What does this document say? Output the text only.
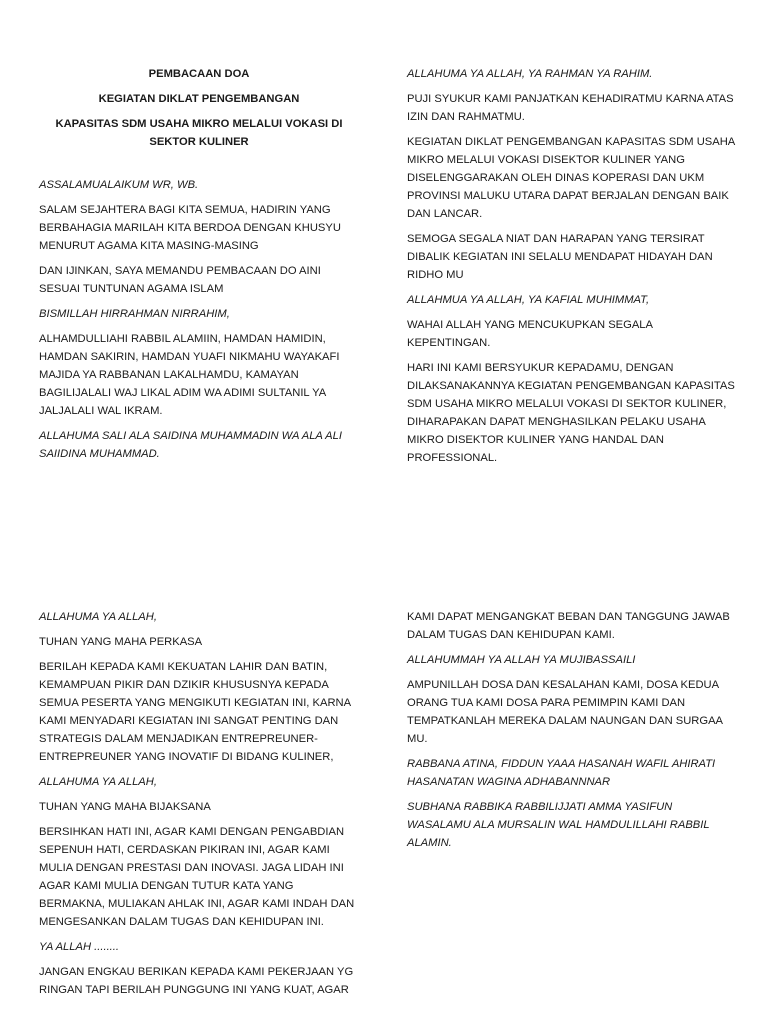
PEMBACAAN DOA

KEGIATAN DIKLAT PENGEMBANGAN

KAPASITAS SDM USAHA MIKRO MELALUI VOKASI DI SEKTOR KULINER

ASSALAMUALAIKUM WR, WB.

SALAM SEJAHTERA BAGI KITA SEMUA, HADIRIN YANG BERBAHAGIA MARILAH KITA BERDOA DENGAN KHUSYU MENURUT AGAMA KITA MASING-MASING

DAN IJINKAN, SAYA MEMANDU PEMBACAAN DO AINI SESUAI TUNTUNAN AGAMA ISLAM

BISMILLAH HIRRAHMAN NIRRAHIM,

ALHAMDULLIAHI RABBIL ALAMIIN, HAMDAN HAMIDIN, HAMDAN SAKIRIN, HAMDAN YUAFI NIKMAHU WAYAKAFI MAJIDA YA RABBANAN LAKALHAMDU, KAMAYAN BAGILIJALALI WAJ LIKAL ADIM WA ADIMI SULTANIL YA JALJALALI WAL IKRAM.

ALLAHUMA SALI ALA SAIDINA MUHAMMADIN WA ALA ALI SAIIDINA MUHAMMAD.

ALLAHUMA YA ALLAH, YA RAHMAN YA RAHIM.

PUJI SYUKUR KAMI PANJATKAN KEHADIRATMU KARNA ATAS IZIN DAN RAHMATMU.

KEGIATAN DIKLAT PENGEMBANGAN KAPASITAS SDM USAHA MIKRO MELALUI VOKASI DISEKTOR KULINER YANG DISELENGGARAKAN OLEH DINAS KOPERASI DAN UKM PROVINSI MALUKU UTARA DAPAT BERJALAN DENGAN BAIK DAN LANCAR.

SEMOGA SEGALA NIAT DAN HARAPAN YANG TERSIRAT DIBALIK KEGIATAN INI SELALU MENDAPAT HIDAYAH DAN RIDHO MU

ALLAHMUA YA ALLAH, YA KAFIAL MUHIMMAT,

WAHAI ALLAH YANG MENCUKUPKAN SEGALA KEPENTINGAN.

HARI INI KAMI BERSYUKUR KEPADAMU, DENGAN DILAKSANAKANNYA KEGIATAN PENGEMBANGAN KAPASITAS SDM USAHA MIKRO MELALUI VOKASI DI SEKTOR KULINER, DIHARAPAKAN DAPAT MENGHASILKAN PELAKU USAHA MIKRO DISEKTOR KULINER YANG HANDAL DAN PROFESSIONAL.

ALLAHUMA YA ALLAH,

TUHAN YANG MAHA PERKASA

BERILAH KEPADA KAMI KEKUATAN LAHIR DAN BATIN, KEMAMPUAN PIKIR DAN DZIKIR KHUSUSNYA KEPADA SEMUA PESERTA YANG MENGIKUTI KEGIATAN INI, KARNA KAMI MENYADARI KEGIATAN INI SANGAT PENTING DAN STRATEGIS DALAM MENJADIKAN ENTREPREUNER-ENTREPREUNER YANG INOVATIF DI BIDANG KULINER,

ALLAHUMA YA ALLAH,

TUHAN YANG MAHA BIJAKSANA

BERSIHKAN HATI INI, AGAR KAMI DENGAN PENGABDIAN SEPENUH HATI, CERDASKAN PIKIRAN INI, AGAR KAMI MULIA DENGAN PRESTASI DAN INOVASI. JAGA LIDAH INI AGAR KAMI MULIA DENGAN TUTUR KATA YANG BERMAKNA, MULIAKAN AHLAK INI, AGAR KAMI INDAH DAN MENGESANKAN DALAM TUGAS DAN KEHIDUPAN INI.

YA ALLAH ........

JANGAN ENGKAU BERIKAN KEPADA KAMI PEKERJAAN YG RINGAN TAPI BERILAH PUNGGUNG INI YANG KUAT, AGAR

KAMI DAPAT MENGANGKAT BEBAN DAN TANGGUNG JAWAB DALAM TUGAS DAN KEHIDUPAN KAMI.

ALLAHUMMAH YA ALLAH YA MUJIBASSAILI

AMPUNILLAH DOSA DAN KESALAHAN KAMI, DOSA KEDUA ORANG TUA KAMI DOSA PARA PEMIMPIN KAMI DAN TEMPATKANLAH MEREKA DALAM NAUNGAN DAN SURGAA MU.

RABBANA ATINA, FIDDUN YAAA HASANAH WAFIL AHIRATI HASANATAN WAGINA ADHABANNNAR

SUBHANA RABBIKA RABBILIJJATI AMMA YASIFUN WASALAMU ALA MURSALIN WAL HAMDULILLAHI RABBIL ALAMIN.
